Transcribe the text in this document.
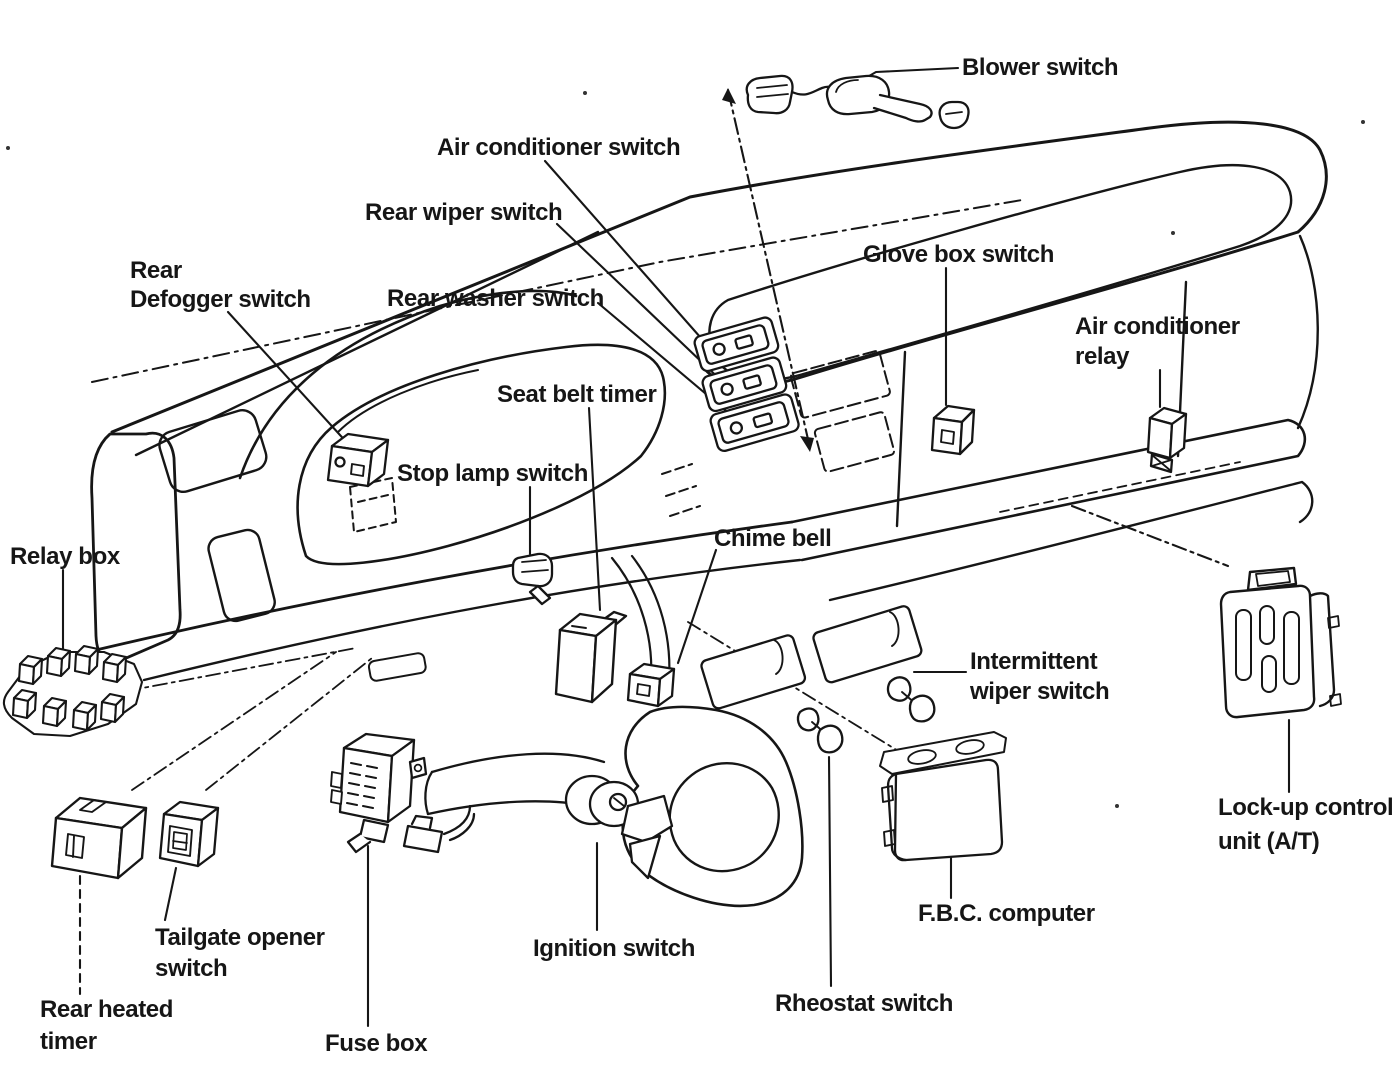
Blower switch
Air conditioner switch
Rear wiper switch
Rear
Defogger switch	Rear washer switch
Glove box switch
Air conditioner
relay
Seat belt timer
Stop lamp switch
Chime bell
Relay box
Intermittent
wiper switch
Lock-up control
unit (A/T)
Tailgate opener
switch
Rear heated
timer	Fuse box
Ignition switch
F.B.C. computer
Rheostat switch
